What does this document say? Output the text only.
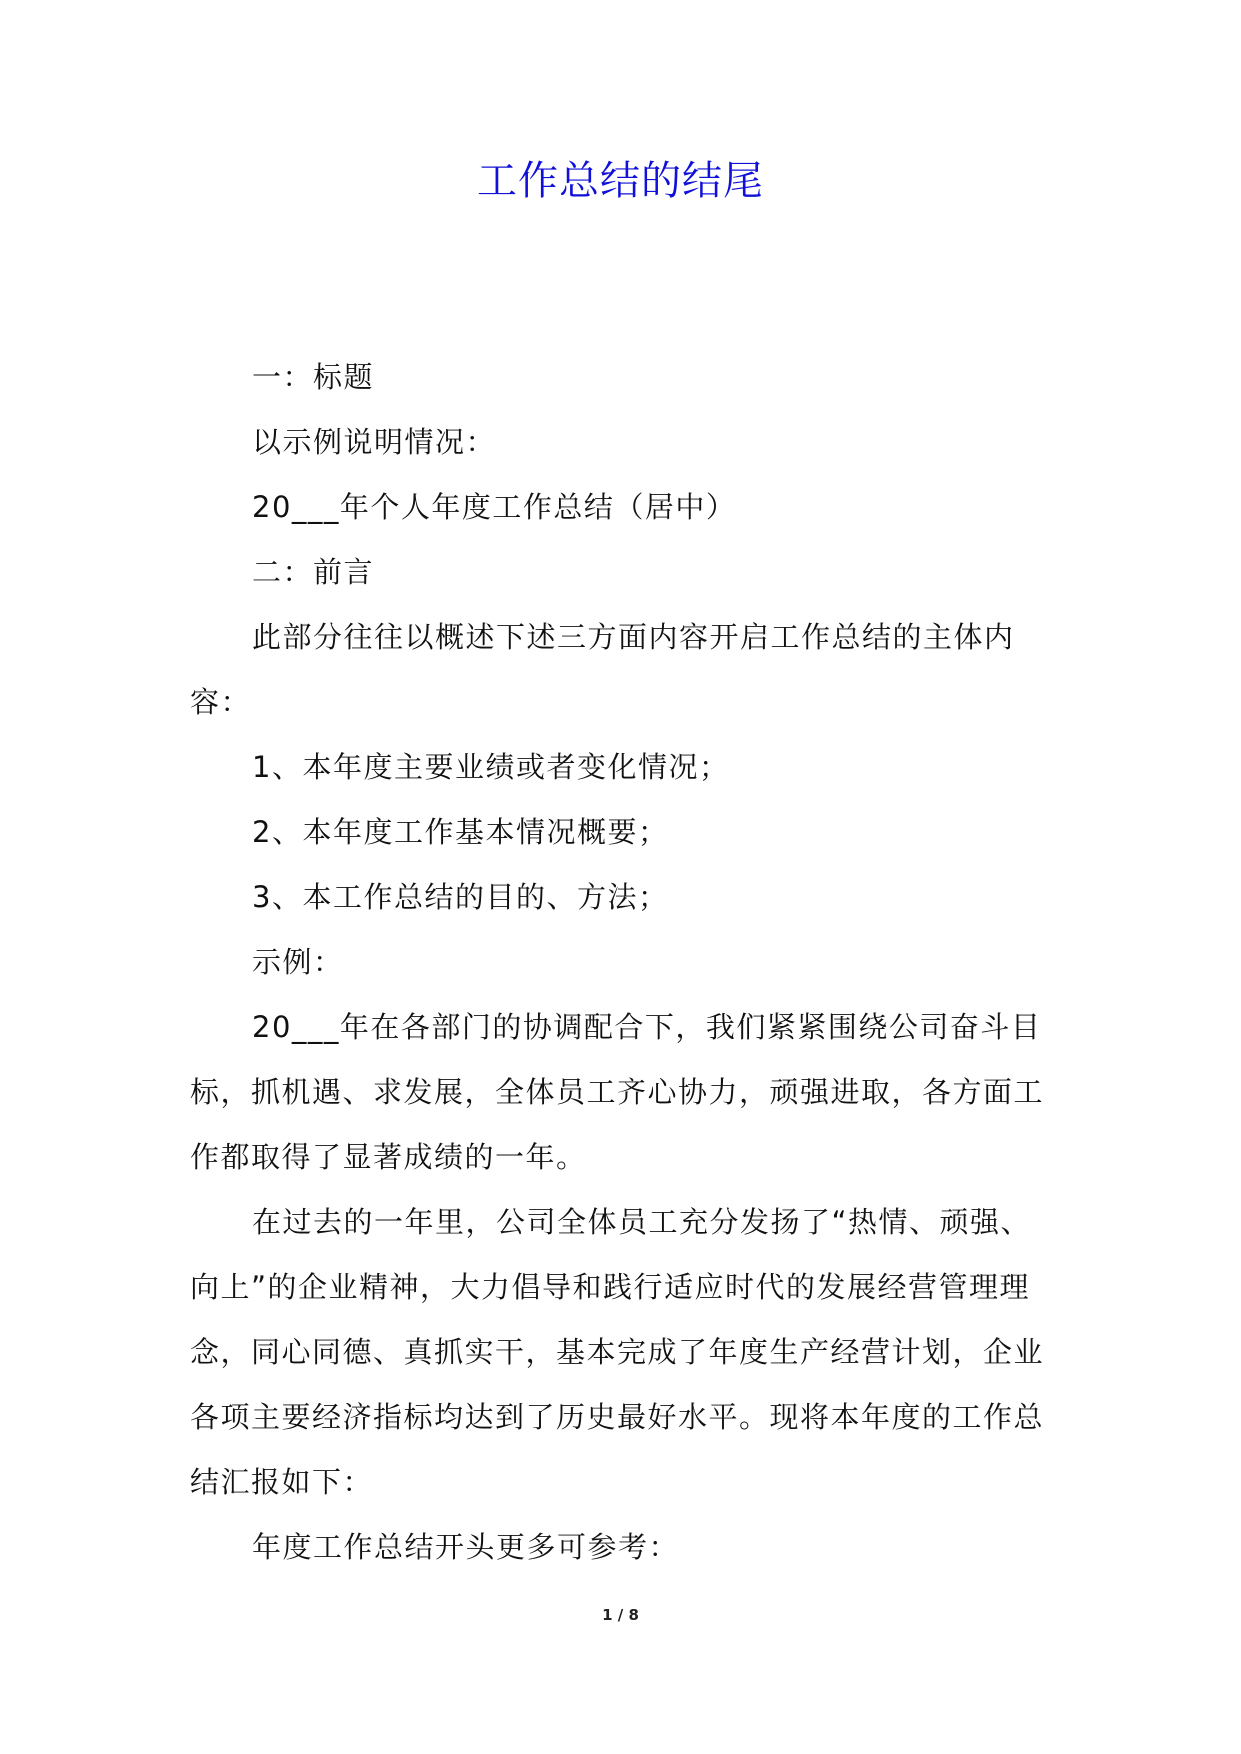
工作总结的结尾
一：标题
以示例说明情况：
20___年个人年度工作总结（居中）
二：前言
此部分往往以概述下述三方面内容开启工作总结的主体内
容：
1、本年度主要业绩或者变化情况；
2、本年度工作基本情况概要；
3、本工作总结的目的、方法；
示例：
20___年在各部门的协调配合下，我们紧紧围绕公司奋斗目
标，抓机遇、求发展，全体员工齐心协力，顽强进取，各方面工
作都取得了显著成绩的一年。
在过去的一年里，公司全体员工充分发扬了“热情、顽强、
向上”的企业精神，大力倡导和践行适应时代的发展经营管理理
念，同心同德、真抓实干，基本完成了年度生产经营计划，企业
各项主要经济指标均达到了历史最好水平。现将本年度的工作总
结汇报如下：
年度工作总结开头更多可参考：
1 / 8
